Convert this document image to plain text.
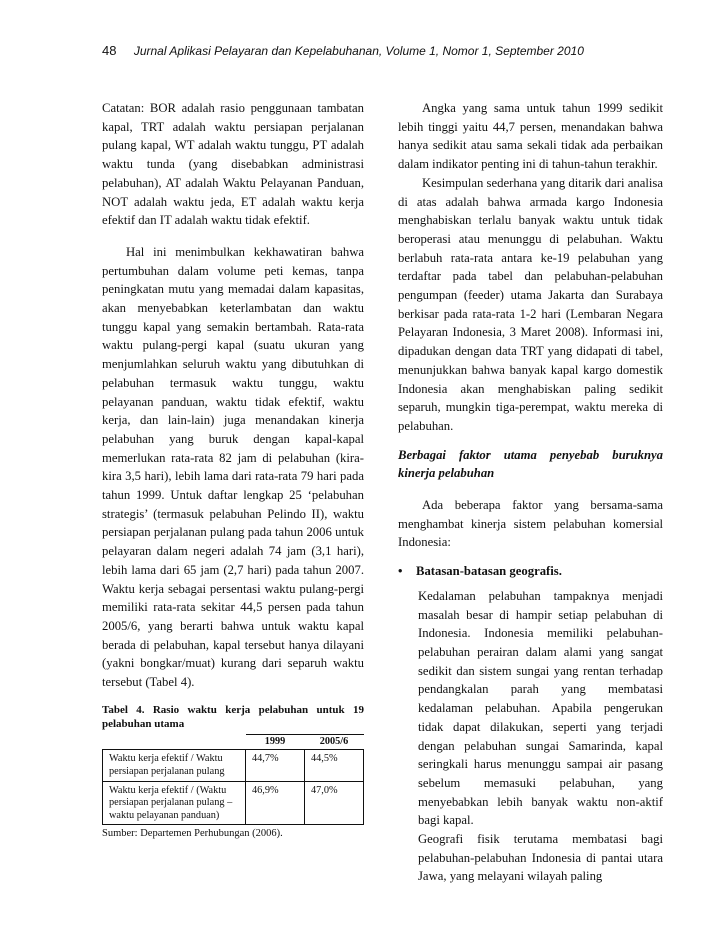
48 Jurnal Aplikasi Pelayaran dan Kepelabuhanan, Volume 1, Nomor 1, September 2010

Catatan: BOR adalah rasio penggunaan tambatan kapal, TRT adalah waktu persiapan perjalanan pulang kapal, WT adalah waktu tunggu, PT adalah waktu tunda (yang disebabkan administrasi pelabuhan), AT adalah Waktu Pelayanan Panduan, NOT adalah waktu jeda, ET adalah waktu kerja efektif dan IT adalah waktu tidak efektif.

Hal ini menimbulkan kekhawatiran bahwa pertumbuhan dalam volume peti kemas, tanpa peningkatan mutu yang memadai dalam kapasitas, akan menyebabkan keterlambatan dan waktu tunggu kapal yang semakin bertambah. Rata-rata waktu pulang-pergi kapal (suatu ukuran yang menjumlahkan seluruh waktu yang dibutuhkan di pelabuhan termasuk waktu tunggu, waktu pelayanan panduan, waktu tidak efektif, waktu kerja, dan lain-lain) juga menandakan kinerja pelabuhan yang buruk dengan kapal-kapal memerlukan rata-rata 82 jam di pelabuhan (kira-kira 3,5 hari), lebih lama dari rata-rata 79 hari pada tahun 1999. Untuk daftar lengkap 25 ‘pelabuhan strategis’ (termasuk pelabuhan Pelindo II), waktu persiapan perjalanan pulang pada tahun 2006 untuk pelayaran dalam negeri adalah 74 jam (3,1 hari), lebih lama dari 65 jam (2,7 hari) pada tahun 2007. Waktu kerja sebagai persentasi waktu pulang-pergi memiliki rata-rata sekitar 44,5 persen pada tahun 2005/6, yang berarti bahwa untuk waktu kapal berada di pelabuhan, kapal tersebut hanya dilayani (yakni bongkar/muat) kurang dari separuh waktu tersebut (Tabel 4).

Tabel 4. Rasio waktu kerja pelabuhan untuk 19 pelabuhan utama

	1999	2005/6
Waktu kerja efektif / Waktu persiapan perjalanan pulang	44,7%	44,5%
Waktu kerja efektif / (Waktu persiapan perjalanan pulang – waktu pelayanan panduan)	46,9%	47,0%

Sumber: Departemen Perhubungan (2006).

Angka yang sama untuk tahun 1999 sedikit lebih tinggi yaitu 44,7 persen, menandakan bahwa hanya sedikit atau sama sekali tidak ada perbaikan dalam indikator penting ini di tahun-tahun terakhir.

Kesimpulan sederhana yang ditarik dari analisa di atas adalah bahwa armada kargo Indonesia menghabiskan terlalu banyak waktu untuk tidak beroperasi atau menunggu di pelabuhan. Waktu berlabuh rata-rata antara ke-19 pelabuhan yang terdaftar pada tabel dan pelabuhan-pelabuhan pengumpan (feeder) utama Jakarta dan Surabaya berkisar pada rata-rata 1-2 hari (Lembaran Negara Pelayaran Indonesia, 3 Maret 2008). Informasi ini, dipadukan dengan data TRT yang didapati di tabel, menunjukkan bahwa banyak kapal kargo domestik Indonesia akan menghabiskan paling sedikit separuh, mungkin tiga-perempat, waktu mereka di pelabuhan.

Berbagai faktor utama penyebab buruknya kinerja pelabuhan

Ada beberapa faktor yang bersama-sama menghambat kinerja sistem pelabuhan komersial Indonesia:

• Batasan-batasan geografis.

Kedalaman pelabuhan tampaknya menjadi masalah besar di hampir setiap pelabuhan di Indonesia. Indonesia memiliki pelabuhan-pelabuhan perairan dalam alami yang sangat sedikit dan sistem sungai yang rentan terhadap pendangkalan parah yang membatasi kedalaman pelabuhan. Apabila pengerukan tidak dapat dilakukan, seperti yang terjadi dengan pelabuhan sungai Samarinda, kapal seringkali harus menunggu sampai air pasang sebelum memasuki pelabuhan, yang menyebabkan lebih banyak waktu non-aktif bagi kapal.

Geografi fisik terutama membatasi bagi pelabuhan-pelabuhan Indonesia di pantai utara Jawa, yang melayani wilayah paling
